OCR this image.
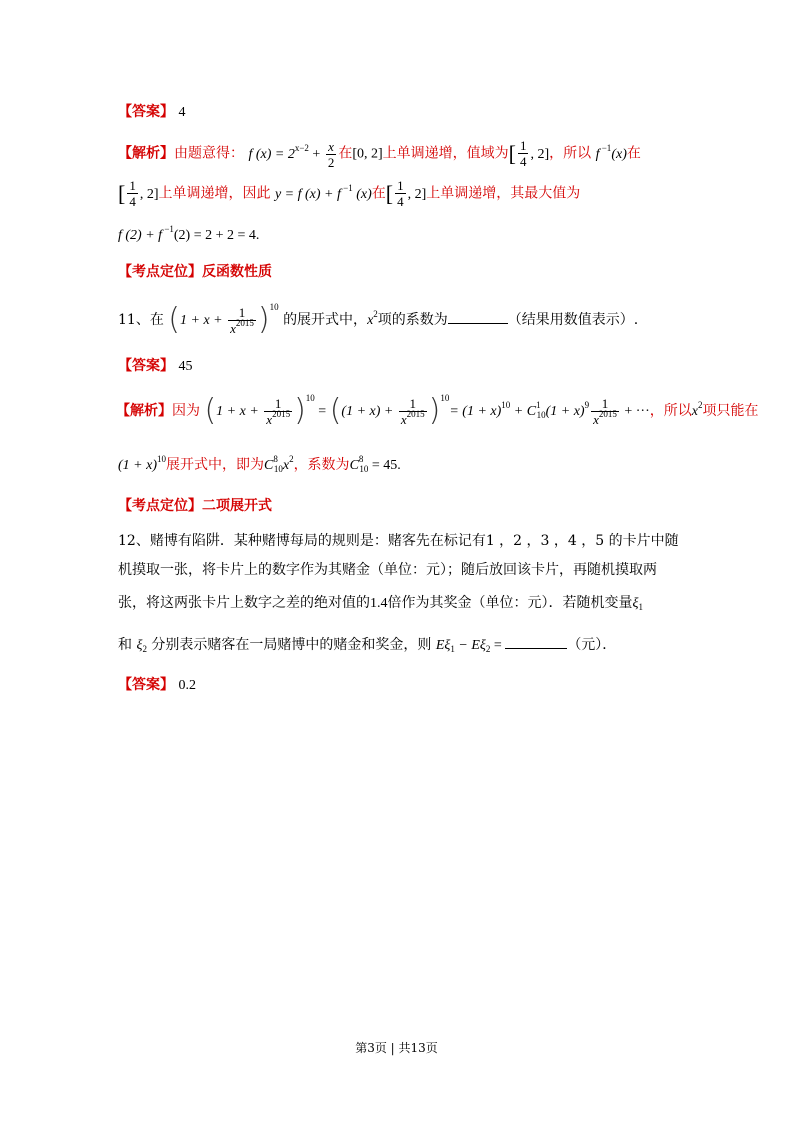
【答案】 4
【解析】由题意得： f $(x) = 2^{x-2} + \frac{x}{2}$ 在[0, 2]上单调递增，值域为[ $\frac{1}{4}$ , 2]，所以 f $^{-1}$(x)在
[ $\frac{1}{4}$ , 2]上单调递增，因此 y = f (x) + f $^{-1}$ (x)在[ $\frac{1}{4}$ , 2]上单调递增，其最大值为
f (2) + f $^{-1}$(2) = 2 + 2 = 4.
【考点定位】反函数性质
11、在 $(1 + x + \frac{1}{x^{2015}} )^{10}$ 的展开式中，$x^2$项的系数为	（结果用数值表示）.
【答案】 45
【解析】因为 $(1 + x + \frac{1}{x^{2015}} )^{10} = ((1 + x) + \frac{1}{x^{2015}} )^{10}= (1 + x)^{10} + C^1_{10}(1 + x)^9 \frac{1}{x^{2015}}$ + ···，所以$x^2$项只能在
$(1 + x)^{10}$展开式中，即为$C^8_{10}x^2$，系数为$C^8_{10} = 45$.
【考点定位】二项展开式
12、赌博有陷阱．某种赌博每局的规则是：赌客先在标记有1 ，2 ，3 ，4 ，5 的卡片中随
机摸取一张，将卡片上的数字作为其赌金（单位：元）；随后放回该卡片，再随机摸取两
张，将这两张卡片上数字之差的绝对值的1.4倍作为其奖金（单位：元）．若随机变量$\xi_1$
和 $\xi_2$ 分别表示赌客在一局赌博中的赌金和奖金，则 $E\xi_1 - E\xi_2$ =	（元）．
【答案】 0.2
第3页 | 共13页
